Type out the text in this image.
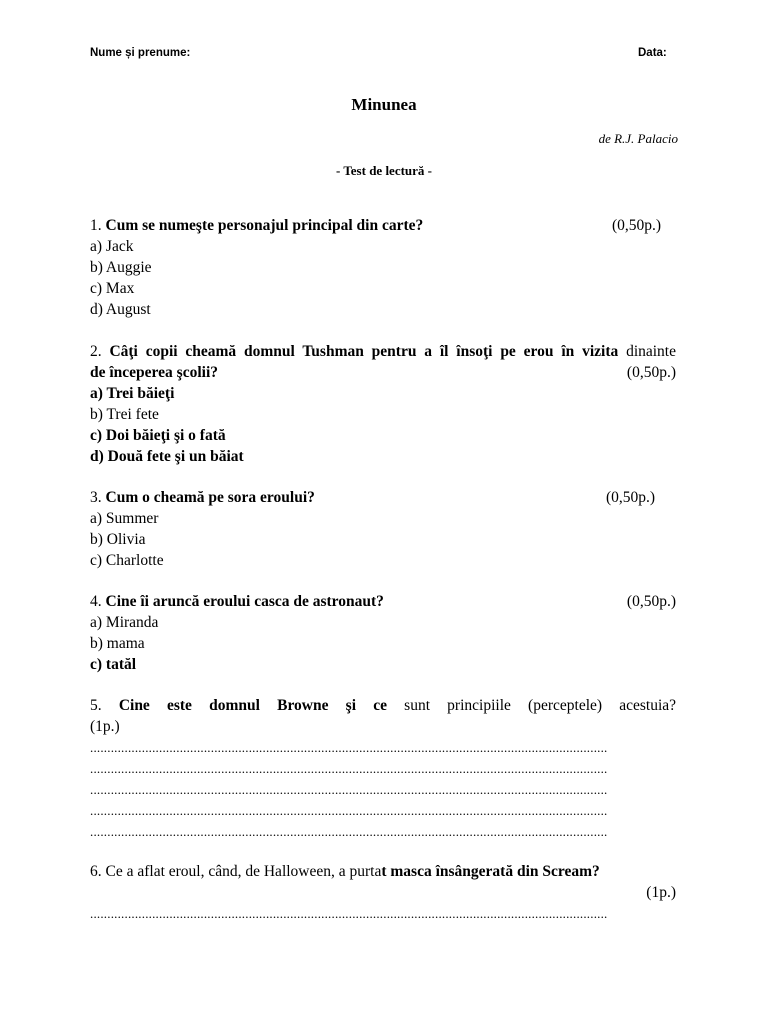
Nume și prenume:	Data:
Minunea
de R.J. Palacio
- Test de lectură -
1. Cum se numeşte personajul principal din carte?	(0,50p.)
a) Jack
b) Auggie
c) Max
d) August
2. Câţi copii cheamă domnul Tushman pentru a îl însoţi pe erou în vizita dinainte
de începerea şcolii?	(0,50p.)
a) Trei băieţi
b) Trei fete
c) Doi băieţi şi o fată
d) Două fete şi un băiat
3. Cum o cheamă pe sora eroului?	(0,50p.)
a) Summer
b) Olivia
c) Charlotte
4. Cine îi aruncă eroului casca de astronaut?	(0,50p.)
a) Miranda
b) mama
c) tatăl
5. Cine este domnul Browne şi ce sunt principiile (perceptele) acestuia?
(1p.)
......................................................................................................................................................
......................................................................................................................................................
......................................................................................................................................................
......................................................................................................................................................
......................................................................................................................................................
6. Ce a aflat eroul, când, de Halloween, a purtat masca însângerată din Scream?
(1p.)
......................................................................................................................................................
